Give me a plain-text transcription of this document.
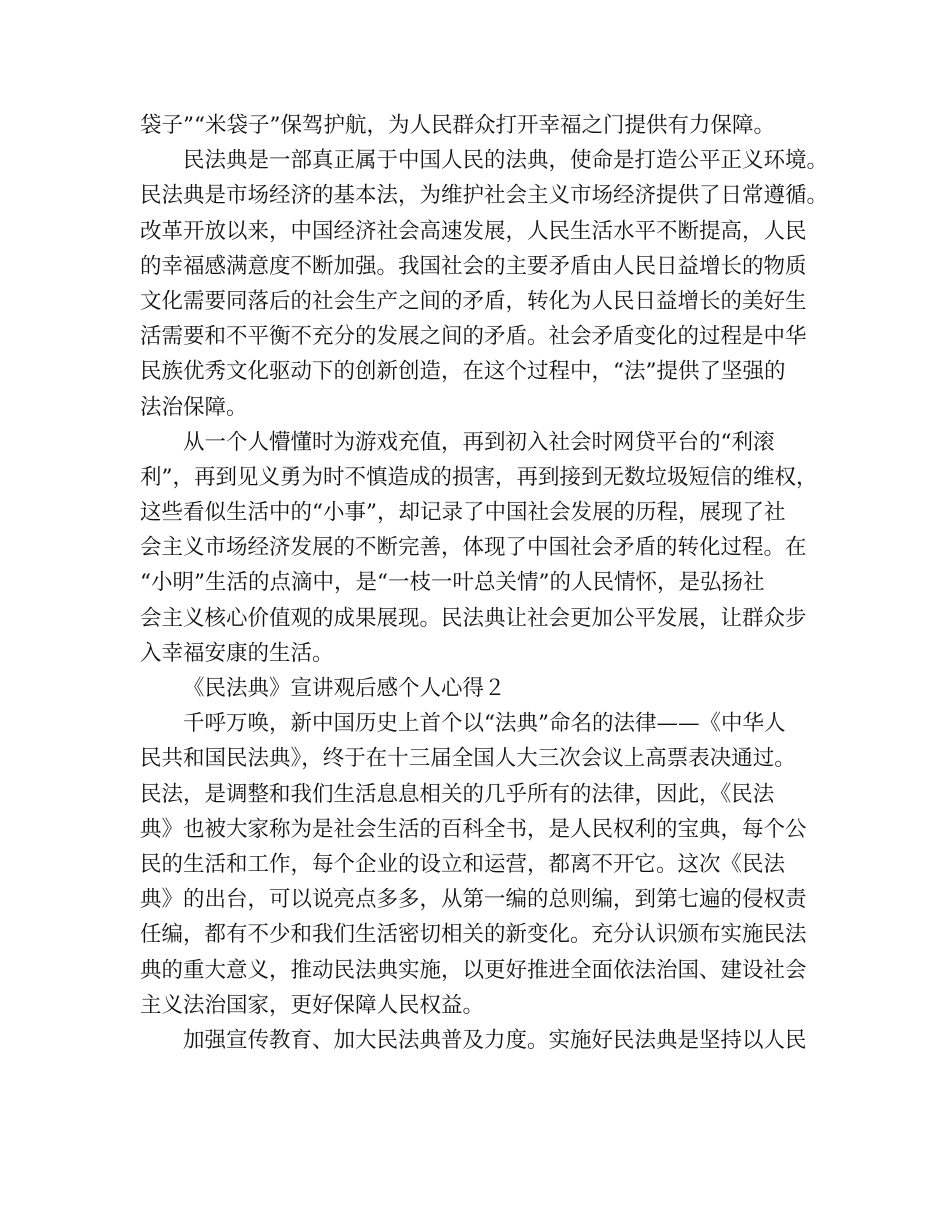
袋子”“米袋子”保驾护航，为人民群众打开幸福之门提供有力保障。
民法典是一部真正属于中国人民的法典，使命是打造公平正义环境。
民法典是市场经济的基本法，为维护社会主义市场经济提供了日常遵循。
改革开放以来，中国经济社会高速发展，人民生活水平不断提高，人民
的幸福感满意度不断加强。我国社会的主要矛盾由人民日益增长的物质
文化需要同落后的社会生产之间的矛盾，转化为人民日益增长的美好生
活需要和不平衡不充分的发展之间的矛盾。社会矛盾变化的过程是中华
民族优秀文化驱动下的创新创造，在这个过程中，“法”提供了坚强的
法治保障。
从一个人懵懂时为游戏充值，再到初入社会时网贷平台的“利滚
利”，再到见义勇为时不慎造成的损害，再到接到无数垃圾短信的维权，
这些看似生活中的“小事”，却记录了中国社会发展的历程，展现了社
会主义市场经济发展的不断完善，体现了中国社会矛盾的转化过程。在
“小明”生活的点滴中，是“一枝一叶总关情”的人民情怀，是弘扬社
会主义核心价值观的成果展现。民法典让社会更加公平发展，让群众步
入幸福安康的生活。
《民法典》宣讲观后感个人心得２
千呼万唤，新中国历史上首个以“法典”命名的法律——《中华人
民共和国民法典》，终于在十三届全国人大三次会议上高票表决通过。
民法，是调整和我们生活息息相关的几乎所有的法律，因此，《民法
典》也被大家称为是社会生活的百科全书，是人民权利的宝典，每个公
民的生活和工作，每个企业的设立和运营，都离不开它。这次《民法
典》的出台，可以说亮点多多，从第一编的总则编，到第七遍的侵权责
任编，都有不少和我们生活密切相关的新变化。充分认识颁布实施民法
典的重大意义，推动民法典实施，以更好推进全面依法治国、建设社会
主义法治国家，更好保障人民权益。
加强宣传教育、加大民法典普及力度。实施好民法典是坚持以人民
